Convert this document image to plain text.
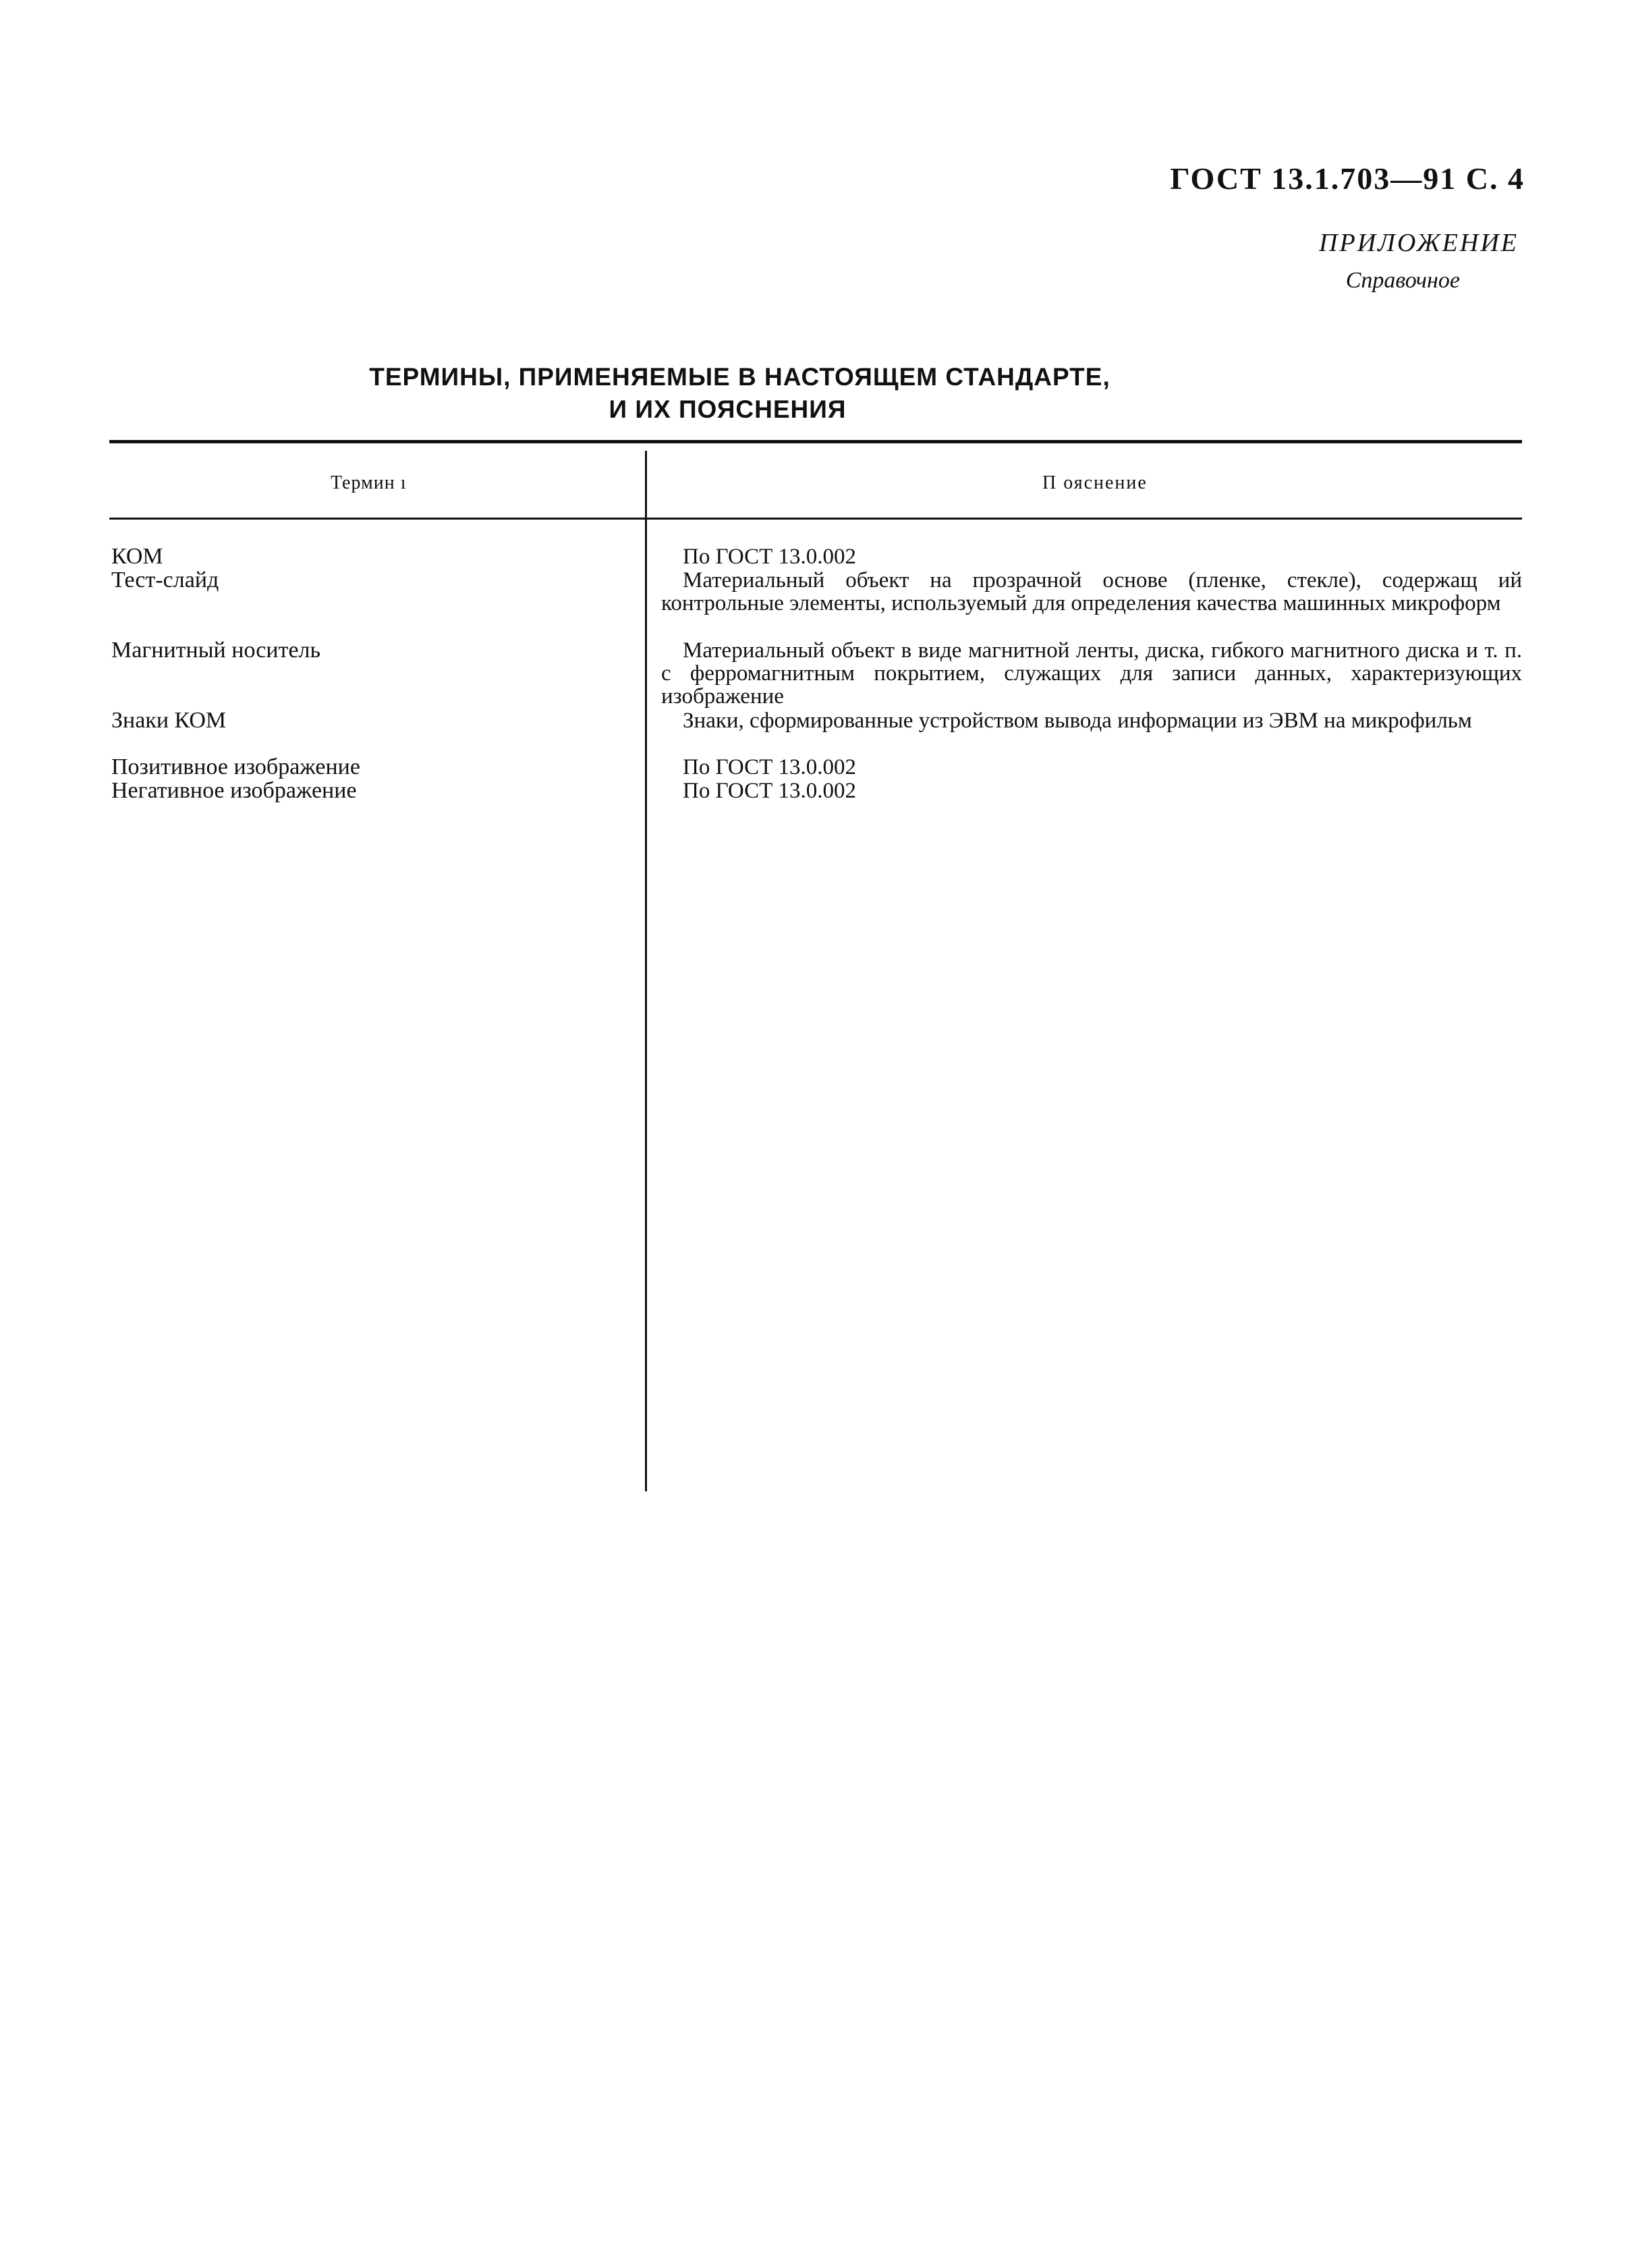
ГОСТ 13.1.703—91 С. 4
ПРИЛОЖЕНИЕ
Справочное
ТЕРМИНЫ, ПРИМЕНЯЕМЫЕ В НАСТОЯЩЕМ СТАНДАРТЕ,
И ИХ ПОЯСНЕНИЯ
Термин ı	П ояснение
КОМ	По ГОСТ 13.0.002
Тест-слайд	Материальный объект на прозрачной основе (пленке, стекле), содержащ ий контрольные элементы, используемый для определения качества машинных микроформ
Магнитный носитель	Материальный объект в виде магнитной ленты, диска, гибкого магнитного диска и т. п. с ферромагнитным покрытием, служащих для записи данных, характеризующих изображение
Знаки КОМ	Знаки, сформированные устройством вывода информации из ЭВМ на микрофильм
Позитивное изображение	По ГОСТ 13.0.002
Негативное изображение	По ГОСТ 13.0.002
